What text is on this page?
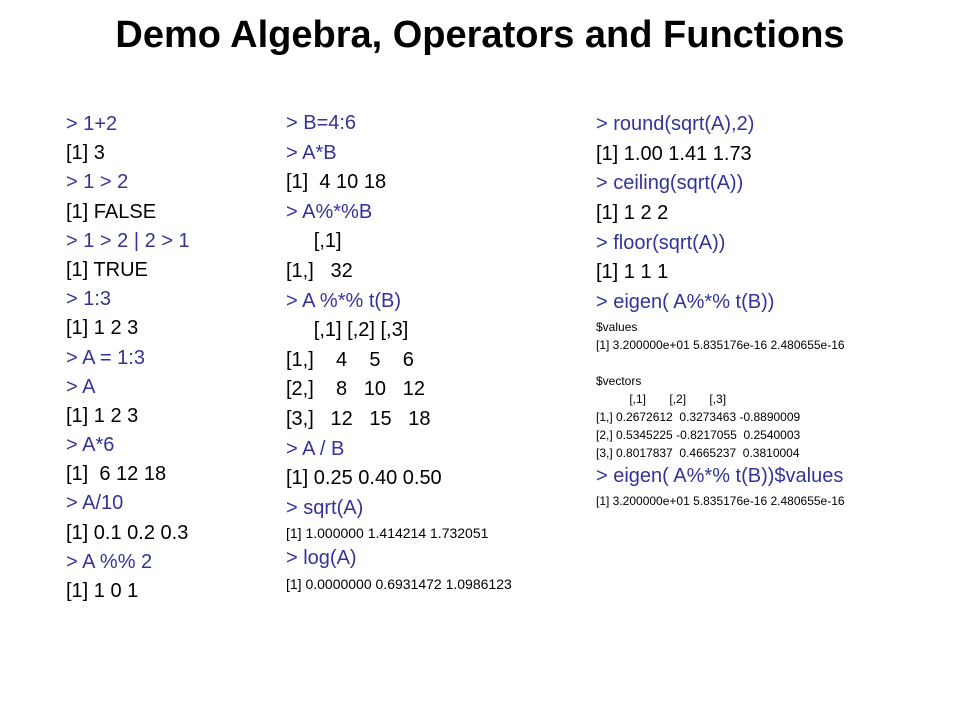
Demo Algebra, Operators and Functions
> 1+2
[1] 3
> 1 > 2
[1] FALSE
> 1 > 2 | 2 > 1
[1] TRUE
> 1:3
[1] 1 2 3
> A = 1:3
> A
[1] 1 2 3
> A*6
[1]  6 12 18
> A/10
[1] 0.1 0.2 0.3
> A %% 2
[1] 1 0 1
> B=4:6
> A*B
[1]  4 10 18
> A%*%B
[,1]
[1,]   32
> A %*% t(B)
[,1] [,2] [,3]
[1,]    4    5    6
[2,]    8   10   12
[3,]   12   15   18
> A / B
[1] 0.25 0.40 0.50
> sqrt(A)
[1] 1.000000 1.414214 1.732051
> log(A)
[1] 0.0000000 0.6931472 1.0986123
> round(sqrt(A),2)
[1] 1.00 1.41 1.73
> ceiling(sqrt(A))
[1] 1 2 2
> floor(sqrt(A))
[1] 1 1 1
> eigen( A%*% t(B))
$values
[1] 3.200000e+01 5.835176e-16 2.480655e-16
$vectors
[,1]       [,2]       [,3]
[1,] 0.2672612  0.3273463 -0.8890009
[2,] 0.5345225 -0.8217055  0.2540003
[3,] 0.8017837  0.4665237  0.3810004
> eigen( A%*% t(B))$values
[1] 3.200000e+01 5.835176e-16 2.480655e-16
